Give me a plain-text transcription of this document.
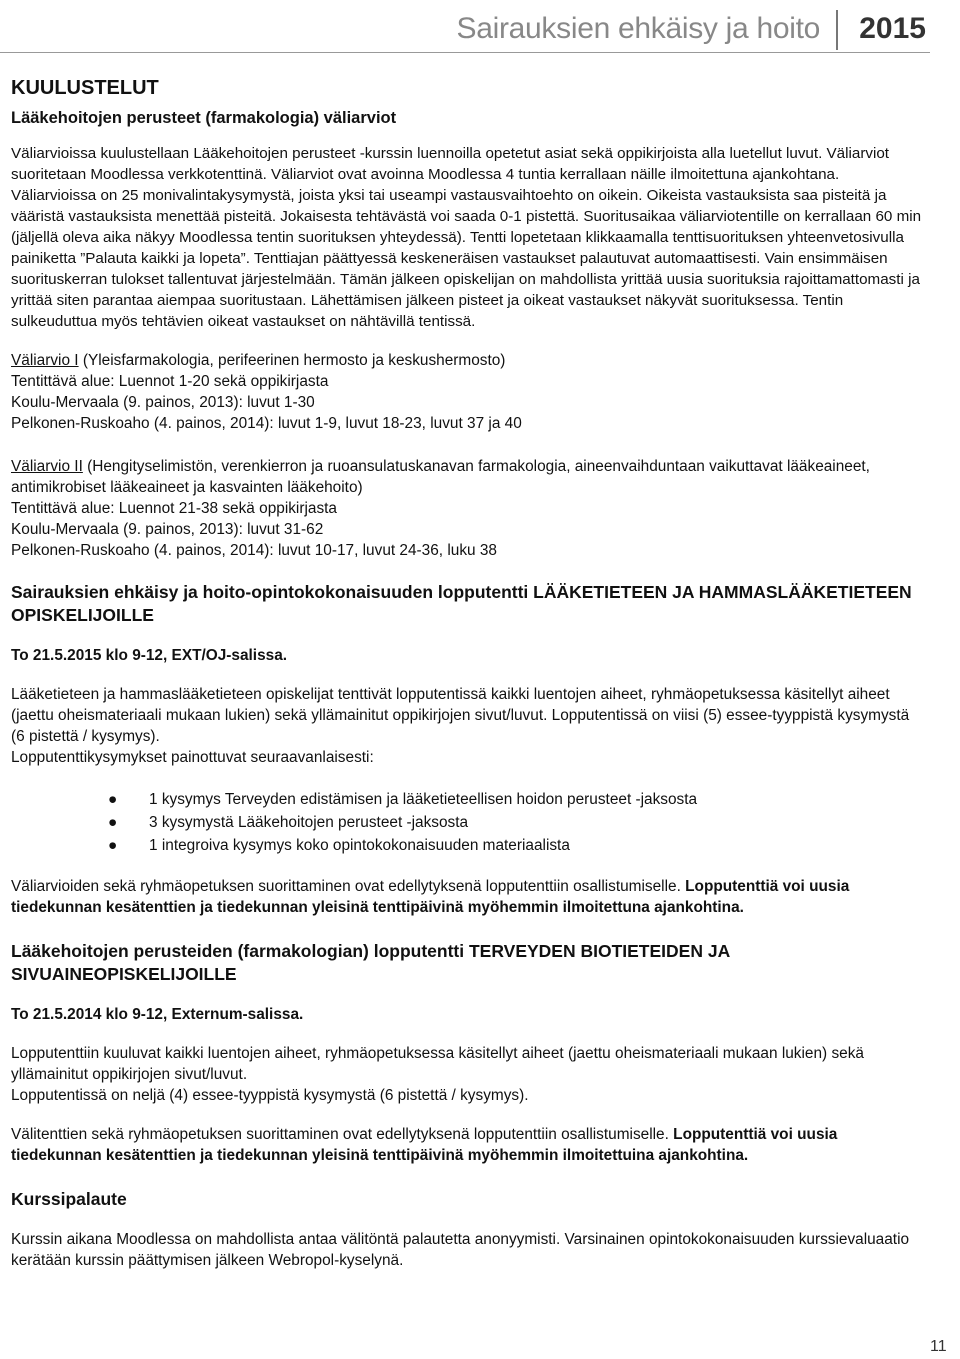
Sairauksien ehkäisy ja hoito 2015
KUULUSTELUT
Lääkehoitojen perusteet (farmakologia) väliarviot

Väliarvioissa kuulustellaan Lääkehoitojen perusteet -kurssin luennoilla opetetut asiat sekä oppikirjoista alla luetellut luvut. Väliarviot suoritetaan Moodlessa verkkotenttinä. Väliarviot ovat avoinna Moodlessa 4 tuntia kerrallaan näille ilmoitettuna ajankohtana. Väliarvioissa on 25 monivalintakysymystä, joista yksi tai useampi vastausvaihtoehto on oikein. Oikeista vastauksista saa pisteitä ja vääristä vastauksista menettää pisteitä. Jokaisesta tehtävästä voi saada 0-1 pistettä. Suoritusaikaa väliarviotentille on kerrallaan 60 min (jäljellä oleva aika näkyy Moodlessa tentin suorituksen yhteydessä). Tentti lopetetaan klikkaamalla tenttisuorituksen yhteenvetosivulla painiketta ”Palauta kaikki ja lopeta”. Tenttiajan päättyessä keskeneräisen vastaukset palautuvat automaattisesti. Vain ensimmäisen suorituskerran tulokset tallentuvat järjestelmään. Tämän jälkeen opiskelijan on mahdollista yrittää uusia suorituksia rajoittamattomasti ja yrittää siten parantaa aiempaa suoritustaan. Lähettämisen jälkeen pisteet ja oikeat vastaukset näkyvät suorituksessa. Tentin sulkeuduttua myös tehtävien oikeat vastaukset on nähtävillä tentissä.

Väliarvio I (Yleisfarmakologia, perifeerinen hermosto ja keskushermosto)

Tentittävä alue: Luennot 1-20 sekä oppikirjasta

Koulu-Mervaala (9. painos, 2013): luvut 1-30

Pelkonen-Ruskoaho (4. painos, 2014): luvut 1-9, luvut 18-23, luvut 37 ja 40

Väliarvio II (Hengityselimistön, verenkierron ja ruoansulatuskanavan farmakologia, aineenvaihduntaan vaikuttavat lääkeaineet, antimikrobiset lääkeaineet ja kasvainten lääkehoito)

Tentittävä alue: Luennot 21-38 sekä oppikirjasta

Koulu-Mervaala (9. painos, 2013): luvut 31-62

Pelkonen-Ruskoaho (4. painos, 2014): luvut 10-17, luvut 24-36, luku 38

Sairauksien ehkäisy ja hoito-opintokokonaisuuden lopputentti LÄÄKETIETEEN JA HAMMASLÄÄKETIETEEN OPISKELIJOILLE

To 21.5.2015 klo 9-12, EXT/OJ-salissa.

Lääketieteen ja hammaslääketieteen opiskelijat tenttivät lopputentissä kaikki luentojen aiheet, ryhmäopetuksessa käsitellyt aiheet (jaettu oheismateriaali mukaan lukien) sekä yllämainitut oppikirjojen sivut/luvut. Lopputentissä on viisi (5) essee-tyyppistä kysymystä (6 pistettä / kysymys).

Lopputenttikysymykset painottuvat seuraavanlaisesti:

● 1 kysymys Terveyden edistämisen ja lääketieteellisen hoidon perusteet -jaksosta
● 3 kysymystä Lääkehoitojen perusteet -jaksosta
● 1 integroiva kysymys koko opintokokonaisuuden materiaalista

Väliarvioiden sekä ryhmäopetuksen suorittaminen ovat edellytyksenä lopputenttiin osallistumiselle. Lopputenttiä voi uusia tiedekunnan kesätenttien ja tiedekunnan yleisinä tenttipäivinä myöhemmin ilmoitettuna ajankohtina.

Lääkehoitojen perusteiden (farmakologian) lopputentti TERVEYDEN BIOTIETEIDEN JA SIVUAINEOPISKELIJOILLE

To 21.5.2014 klo 9-12, Externum-salissa.

Lopputenttiin kuuluvat kaikki luentojen aiheet, ryhmäopetuksessa käsitellyt aiheet (jaettu oheismateriaali mukaan lukien) sekä yllämainitut oppikirjojen sivut/luvut.

Lopputentissä on neljä (4) essee-tyyppistä kysymystä (6 pistettä / kysymys).

Välitenttien sekä ryhmäopetuksen suorittaminen ovat edellytyksenä lopputenttiin osallistumiselle. Lopputenttiä voi uusia tiedekunnan kesätenttien ja tiedekunnan yleisinä tenttipäivinä myöhemmin ilmoitettuina ajankohtina.

Kurssipalaute

Kurssin aikana Moodlessa on mahdollista antaa välitöntä palautetta anonyymisti. Varsinainen opintokokonaisuuden kurssievaluaatio kerätään kurssin päättymisen jälkeen Webropol-kyselynä.

11
